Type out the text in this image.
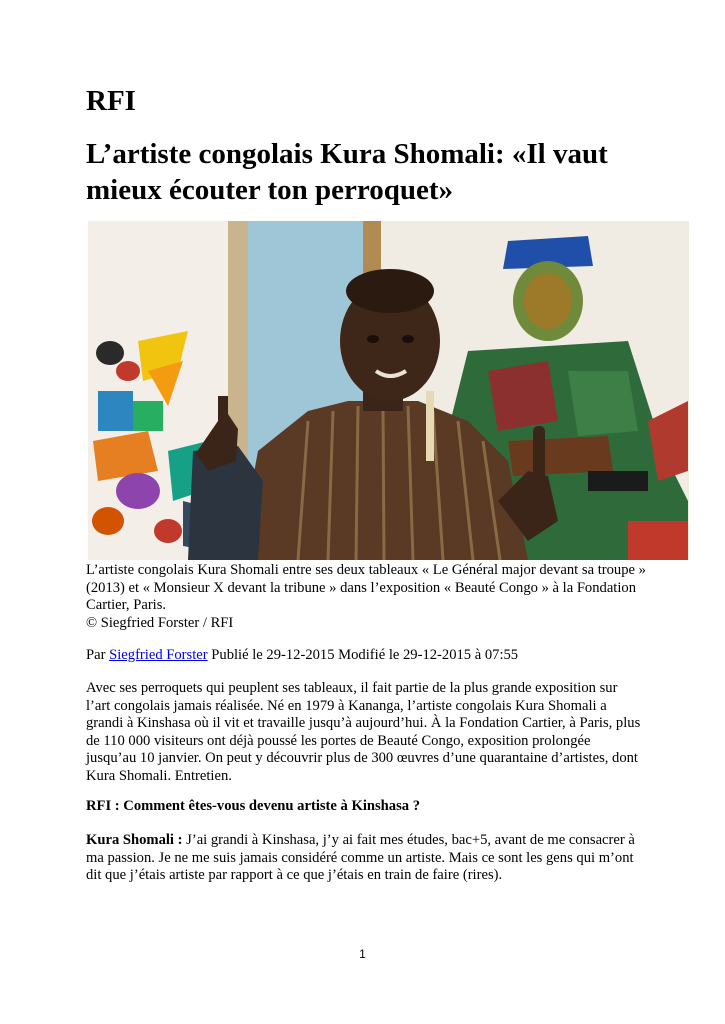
RFI
L’artiste congolais Kura Shomali: «Il vaut mieux écouter ton perroquet»

L’artiste congolais Kura Shomali entre ses deux tableaux « Le Général major devant sa troupe » (2013) et « Monsieur X devant la tribune » dans l’exposition « Beauté Congo » à la Fondation Cartier, Paris.

© Siegfried Forster / RFI

Par Siegfried Forster Publié le 29-12-2015 Modifié le 29-12-2015 à 07:55

Avec ses perroquets qui peuplent ses tableaux, il fait partie de la plus grande exposition sur l’art congolais jamais réalisée. Né en 1979 à Kananga, l’artiste congolais Kura Shomali a grandi à Kinshasa où il vit et travaille jusqu’à aujourd’hui. À la Fondation Cartier, à Paris, plus de 110 000 visiteurs ont déjà poussé les portes de Beauté Congo, exposition prolongée jusqu’au 10 janvier. On peut y découvrir plus de 300 œuvres d’une quarantaine d’artistes, dont Kura Shomali. Entretien.

RFI : Comment êtes-vous devenu artiste à Kinshasa ?

Kura Shomali : J’ai grandi à Kinshasa, j’y ai fait mes études, bac+5, avant de me consacrer à ma passion. Je ne me suis jamais considéré comme un artiste. Mais ce sont les gens qui m’ont dit que j’étais artiste par rapport à ce que j’étais en train de faire (rires).

1
